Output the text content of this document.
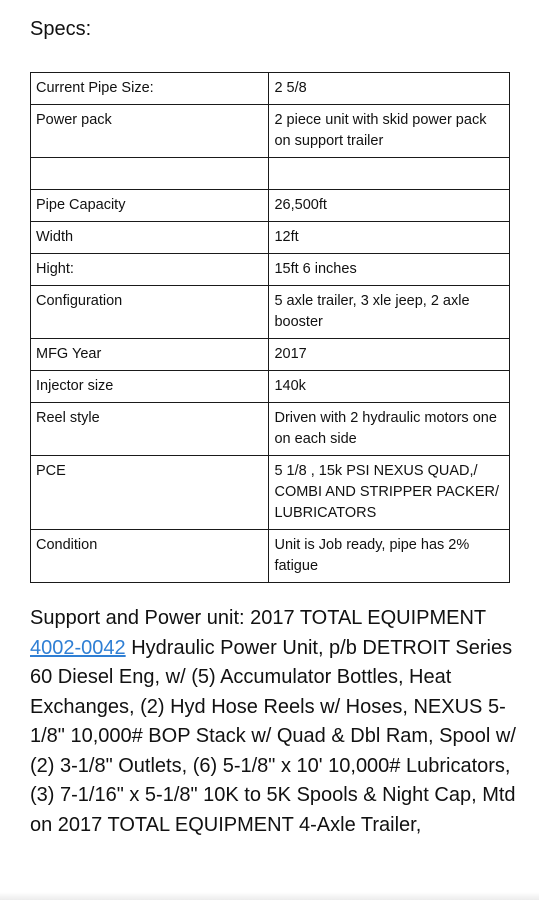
Specs:
Current Pipe Size:	2 5/8
Power pack	2 piece unit with skid power pack on support trailer

Pipe Capacity	26,500ft
Width	12ft
Hight:	15ft 6 inches
Configuration	5 axle trailer, 3 xle jeep, 2 axle booster
MFG Year	2017
Injector size	140k
Reel style	Driven with 2 hydraulic motors one on each side
PCE	5 1/8 , 15k PSI NEXUS QUAD,/ COMBI AND STRIPPER PACKER/ LUBRICATORS
Condition	Unit is Job ready, pipe has 2% fatigue

Support and Power unit: 2017 TOTAL EQUIPMENT 4002-0042 Hydraulic Power Unit, p/b DETROIT Series 60 Diesel Eng, w/ (5) Accumulator Bottles, Heat Exchanges, (2) Hyd Hose Reels w/ Hoses, NEXUS 5-1/8" 10,000# BOP Stack w/ Quad & Dbl Ram, Spool w/ (2) 3-1/8" Outlets, (6) 5-1/8" x 10' 10,000# Lubricators, (3) 7-1/16" x 5-1/8" 10K to 5K Spools & Night Cap, Mtd on 2017 TOTAL EQUIPMENT 4-Axle Trailer,
